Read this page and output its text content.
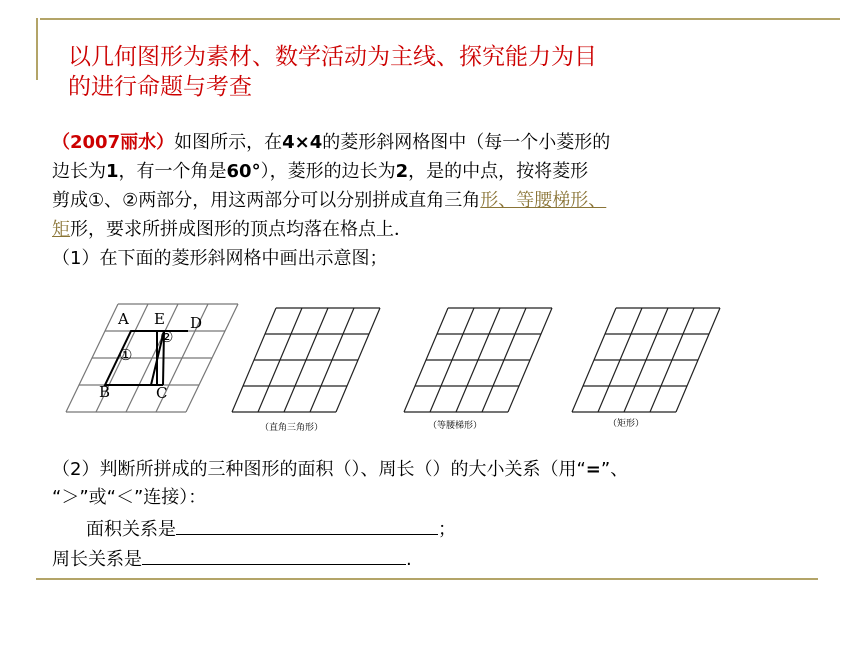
以几何图形为素材、数学活动为主线、探究能力为目
的进行命题与考查
（2007丽水）如图所示，在4×4的菱形斜网格图中（每一个小菱形的
边长为1，有一个角是60°），菱形的边长为2，是的中点，按将菱形
剪成①、②两部分，用这两部分可以分别拼成直角三角形、等腰梯形、
矩形，要求所拼成图形的顶点均落在格点上．
（1）在下面的菱形斜网格中画出示意图；
A E D
B	C
①
②
（直角三角形）	（等腰梯形）	（矩形）
（2）判断所拼成的三种图形的面积（）、周长（）的大小关系（用“=”、
“＞”或“＜”连接）：
面积关系是	；
周长关系是	.
